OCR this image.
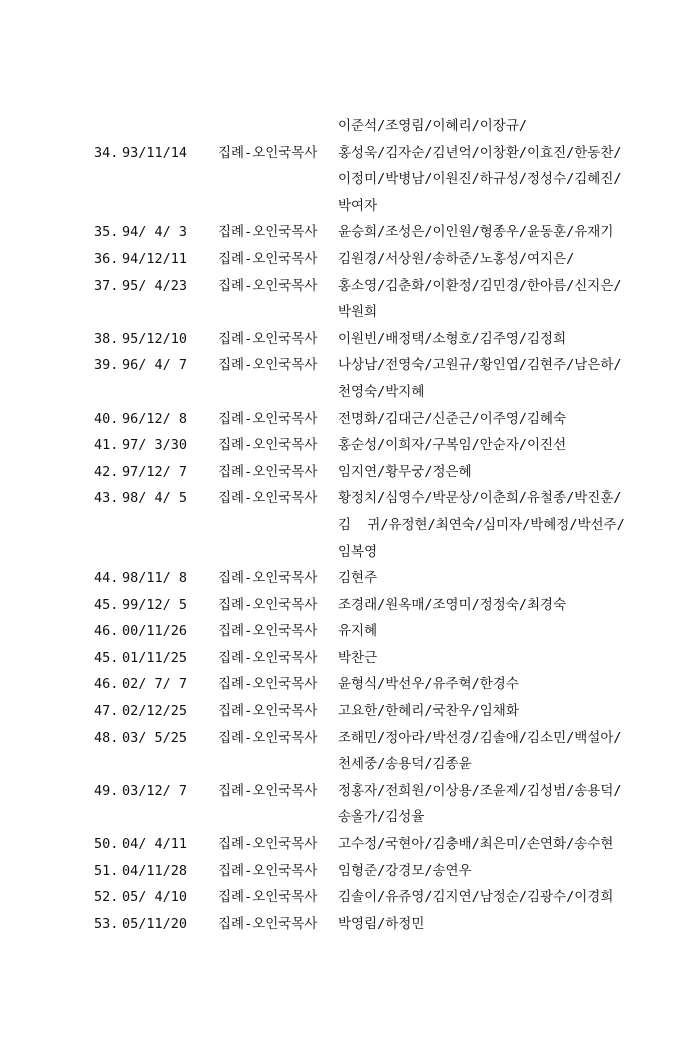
이준석/조영림/이혜리/이장규/
34. 93/11/14	집례-오인국목사	홍성욱/김자순/김년억/이창환/이효진/한동찬/
이정미/박병남/이원진/하규성/정성수/김혜진/
박여자
35. 94/ 4/ 3	집례-오인국목사	윤승희/조성은/이인원/형종우/윤동훈/유재기
36. 94/12/11	집례-오인국목사	김원경/서상원/송하준/노홍성/여지은/
37. 95/ 4/23	집례-오인국목사	홍소영/김춘화/이환정/김민경/한아름/신지은/
박원희
38. 95/12/10	집례-오인국목사	이원빈/배정택/소형호/김주영/김정희
39. 96/ 4/ 7	집례-오인국목사	나상남/전영숙/고원규/황인엽/김현주/남은하/
천영숙/박지혜
40. 96/12/ 8	집례-오인국목사	전명화/김대근/신준근/이주영/김혜숙
41. 97/ 3/30	집례-오인국목사	홍순성/이희자/구복임/안순자/이진선
42. 97/12/ 7	집례-오인국목사	임지연/황무궁/정은혜
43. 98/ 4/ 5	집례-오인국목사	황정치/심영수/박문상/이춘희/유철종/박진훈/
김  귀/유정현/최연숙/심미자/박혜정/박선주/
임복영
44. 98/11/ 8	집례-오인국목사	김현주
45. 99/12/ 5	집례-오인국목사	조경래/원옥매/조영미/정정숙/최경숙
46. 00/11/26	집례-오인국목사	유지혜
45. 01/11/25	집례-오인국목사	박찬근
46. 02/ 7/ 7	집례-오인국목사	윤형식/박선우/유주혁/한경수
47. 02/12/25	집례-오인국목사	고요한/한혜리/국찬우/임채화
48. 03/ 5/25	집례-오인국목사	조해민/정아라/박선경/김솔애/김소민/백설아/
천세중/송용덕/김종윤
49. 03/12/ 7	집례-오인국목사	정홍자/전희원/이상용/조윤제/김성범/송용덕/
송올가/김성율
50. 04/ 4/11	집례-오인국목사	고수정/국현아/김충배/최은미/손연화/송수현
51. 04/11/28	집례-오인국목사	임형준/강경모/송연우
52. 05/ 4/10	집례-오인국목사	김솔이/유쥬영/김지연/남정순/김광수/이경희
53. 05/11/20	집례-오인국목사	박영림/하정민
